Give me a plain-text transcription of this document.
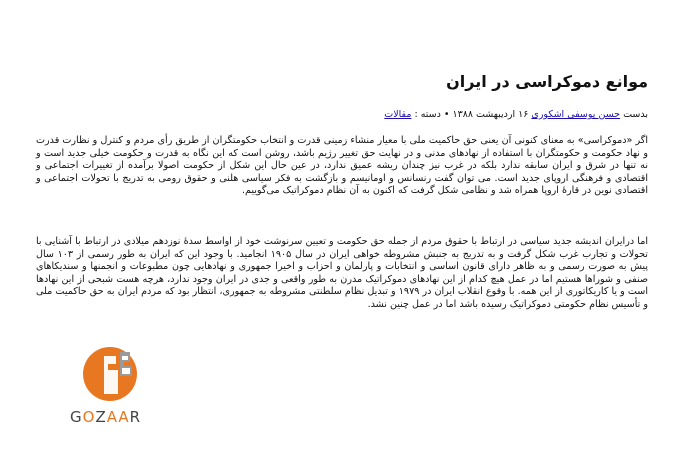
موانع دموکراسی در ایران
بدست حسن یوسفی اشکوری ۱۶ اردیبهشت ۱۳۸۸ • دسته : مقالات

اگر «دموکراسی» به معنای کنونی آن یعنی حق حاکمیت ملی با معیار منشاء زمینی قدرت و انتخاب حکومتگران از طریق رأی مردم و کنترل و نظارت قدرت و نهاد حکومت و حکومتگران با استفاده از نهادهای مدنی و در نهایت حق تغییر رژیم باشد، روشن است که این نگاه به قدرت و حکومت خیلی جدید است و نه تنها در شرق و ایران سابقه ندارد بلکه در غرب نیز چندان ریشه عمیق ندارد، در عین حال این شکل از حکومت اصولا برآمده از تغییرات اجتماعی و اقتصادی و فرهنگی اروپای جدید است. می توان گفت رنسانس و اومانیسم و بازگشت به فکر سیاسی هلنی و حقوق رومی به تدریج با تحولات اجتماعی و اقتصادی نوین در قارهٔ اروپا همراه شد و نظامی شکل گرفت که اکنون به آن نظام دموکراتیک می‌گوییم.

اما درایران اندیشه جدید سیاسی در ارتباط با حقوق مردم از جمله حق حکومت و تعیین سرنوشت خود از اواسط سدهٔ نوزدهم میلادی در ارتباط با آشنایی با تحولات و تجارب غرب شکل گرفت و به تدریج به جنبش مشروطه خواهی ایران در سال ۱۹۰۵ انجامید. با وجود این که ایران به طور رسمی از ۱۰۳ سال پیش به صورت رسمی و به ظاهر دارای قانون اساسی و انتخابات و پارلمان و احزاب و اخیرا جمهوری و نهادهایی چون مطبوعات و انجمنها و سندیکاهای صنفی و شوراها هستیم اما در عمل هیچ کدام از این نهادهای دموکراتیک مدرن به طور واقعی و جدی در ایران وجود ندارد، هرچه هست شبحی از این نهادها است و یا کاریکاتوری از این همه. با وقوع انقلاب ایران در ۱۹۷۹ و تبدیل نظام سلطنتی مشروطه به جمهوری، انتظار بود که مردم ایران به حق حاکمیت ملی و تأسیس نظام حکومتی دموکراتیک رسیده باشد اما در عمل چنین نشد.

GOZAAR
